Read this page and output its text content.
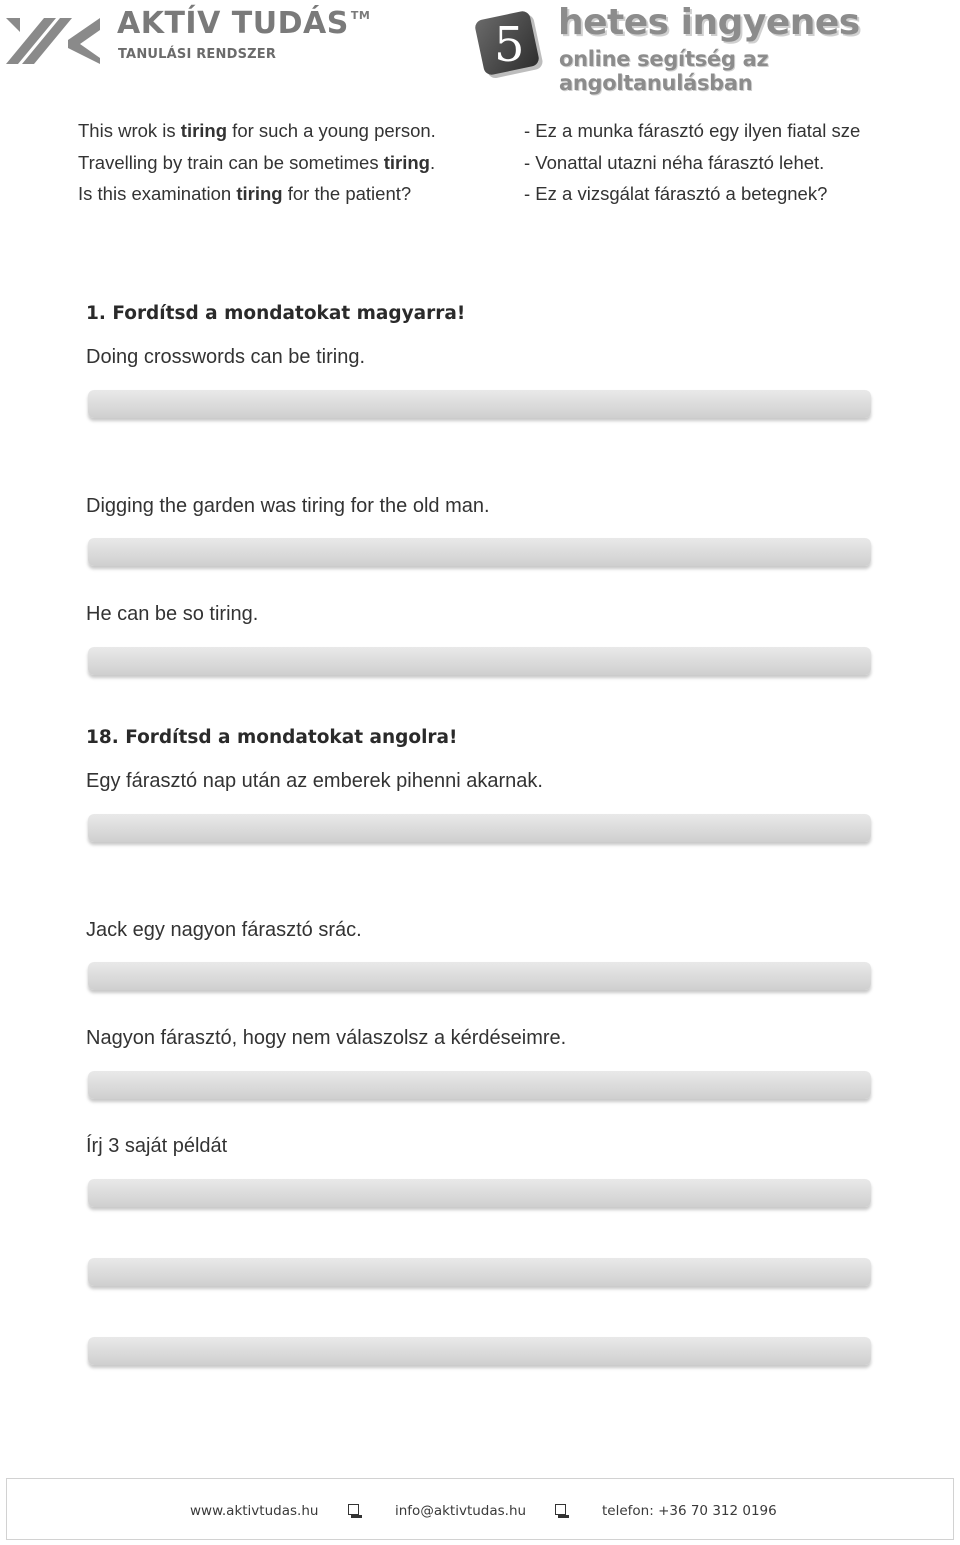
AKTÍV TUDÁS ™
TANULÁSI RENDSZER	5 hetes ingyenes
online segítség az angoltanulásban
This wrok is tiring for such a young person.	- Ez a munka fárasztó egy ilyen fiatal sze
Travelling by train can be sometimes tiring.	- Vonattal utazni néha fárasztó lehet.
Is this examination tiring for the patient?	- Ez a vizsgálat fárasztó a betegnek?
1. Fordítsd a mondatokat magyarra!
Doing crosswords can be tiring.
Digging the garden was tiring for the old man.
He can be so tiring.
18. Fordítsd a mondatokat angolra!
Egy fárasztó nap után az emberek pihenni akarnak.
Jack egy nagyon fárasztó srác.
Nagyon fárasztó, hogy nem válaszolsz a kérdéseimre.
Írj 3 saját példát
www.aktivtudas.hu	info@aktivtudas.hu	telefon: +36 70 312 0196
